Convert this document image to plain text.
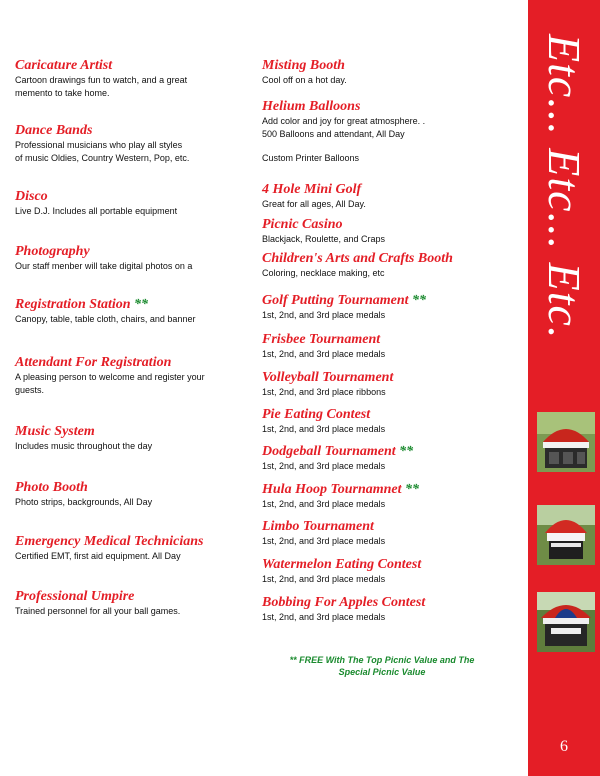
Caricature Artist
Cartoon drawings fun to watch, and a great
memento to take home.
Dance Bands
Professional musicians who play all styles
of music Oldies, Country Western, Pop, etc.
Disco
Live D.J. Includes all portable equipment
Photography
Our staff menber will take digital photos on a
Registration Station **
Canopy, table, table cloth, chairs, and banner
Attendant For Registration
A pleasing person to welcome and register your
guests.
Music System
Includes music throughout the day
Photo Booth
Photo strips, backgrounds, All Day
Emergency Medical Technicians
Certified EMT, first aid equipment. All Day
Professional Umpire
Trained personnel for all your ball games.
Misting Booth
Cool off on a hot day.
Helium Balloons
Add color and joy for great atmosphere. .
500 Balloons and attendant, All Day
Custom Printer Balloons
4 Hole Mini Golf
Great for all ages, All Day.
Picnic Casino
Blackjack, Roulette, and Craps
Children's Arts and Crafts Booth
Coloring, necklace making, etc
Golf Putting Tournament **
1st, 2nd, and 3rd place medals
Frisbee Tournament
1st, 2nd, and 3rd place medals
Volleyball Tournament
1st, 2nd, and 3rd place ribbons
Pie Eating Contest
1st, 2nd, and 3rd place medals
Dodgeball Tournament **
1st, 2nd, and 3rd place medals
Hula Hoop Tournamnet **
1st, 2nd, and 3rd place medals
Limbo Tournament
1st, 2nd, and 3rd place medals
Watermelon Eating Contest
1st, 2nd, and 3rd place medals
Bobbing For Apples Contest
1st, 2nd, and 3rd place medals
** FREE With The Top Picnic Value and The
Special Picnic Value
Etc... Etc... Etc.
6
